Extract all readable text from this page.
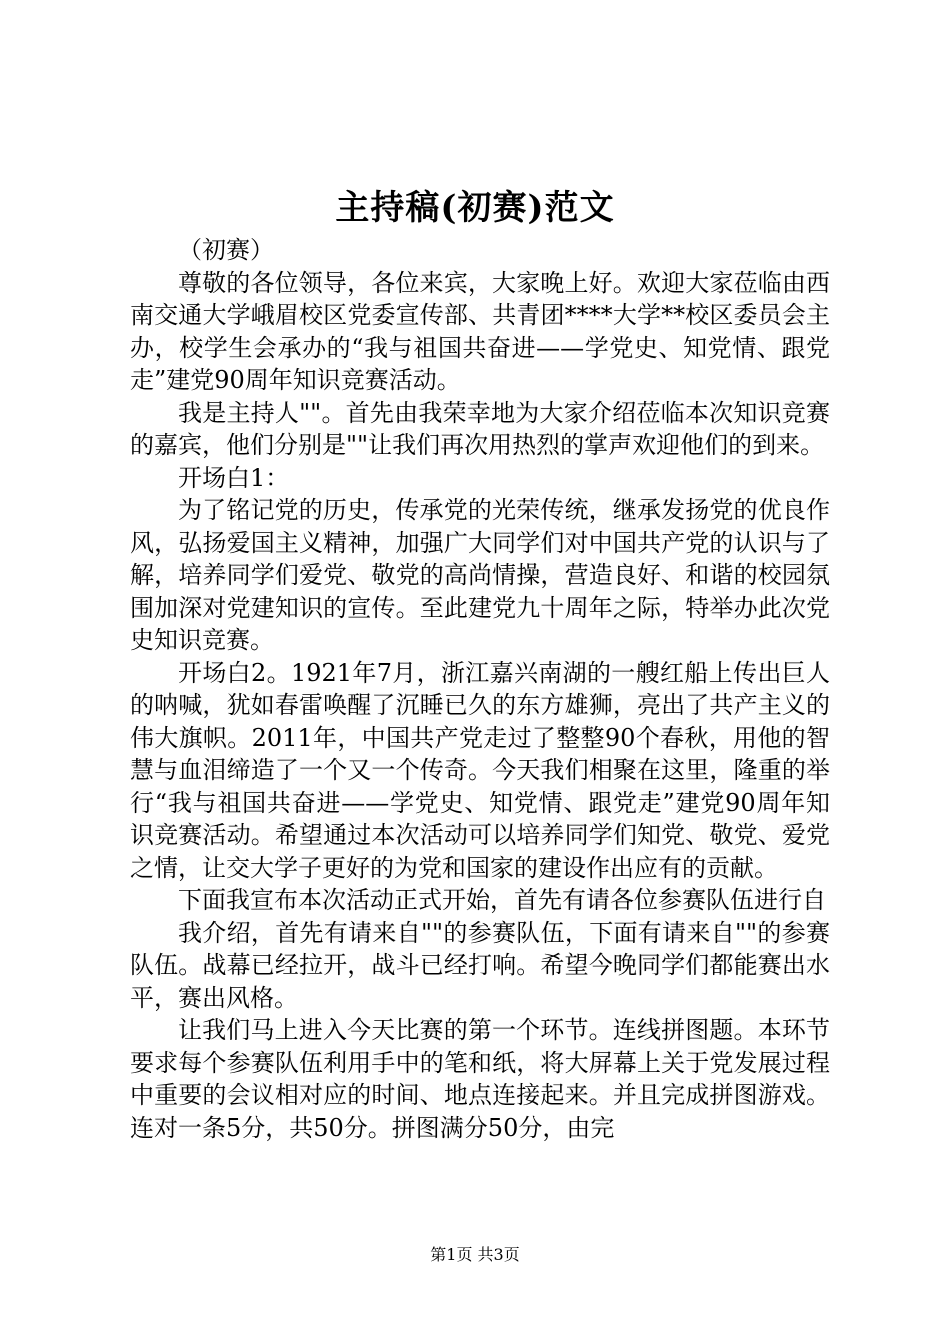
主持稿(初赛)范文

（初赛）

尊敬的各位领导，各位来宾，大家晚上好。欢迎大家莅临由西南交通大学峨眉校区党委宣传部、共青团****大学**校区委员会主办，校学生会承办的“我与祖国共奋进——学党史、知党情、跟党走”建党90周年知识竞赛活动。

我是主持人""。首先由我荣幸地为大家介绍莅临本次知识竞赛的嘉宾，他们分别是""让我们再次用热烈的掌声欢迎他们的到来。

开场白1：

为了铭记党的历史，传承党的光荣传统，继承发扬党的优良作风，弘扬爱国主义精神，加强广大同学们对中国共产党的认识与了解，培养同学们爱党、敬党的高尚情操，营造良好、和谐的校园氛围加深对党建知识的宣传。至此建党九十周年之际，特举办此次党史知识竞赛。

开场白2。1921年7月，浙江嘉兴南湖的一艘红船上传出巨人的呐喊，犹如春雷唤醒了沉睡已久的东方雄狮，亮出了共产主义的伟大旗帜。2011年，中国共产党走过了整整90个春秋，用他的智慧与血泪缔造了一个又一个传奇。今天我们相聚在这里，隆重的举行“我与祖国共奋进——学党史、知党情、跟党走”建党90周年知识竞赛活动。希望通过本次活动可以培养同学们知党、敬党、爱党之情，让交大学子更好的为党和国家的建设作出应有的贡献。

下面我宣布本次活动正式开始，首先有请各位参赛队伍进行自

我介绍，首先有请来自""的参赛队伍，下面有请来自""的参赛队伍。战幕已经拉开，战斗已经打响。希望今晚同学们都能赛出水平，赛出风格。

让我们马上进入今天比赛的第一个环节。连线拼图题。本环节要求每个参赛队伍利用手中的笔和纸，将大屏幕上关于党发展过程中重要的会议相对应的时间、地点连接起来。并且完成拼图游戏。连对一条5分，共50分。拼图满分50分，由完

第1页 共3页
